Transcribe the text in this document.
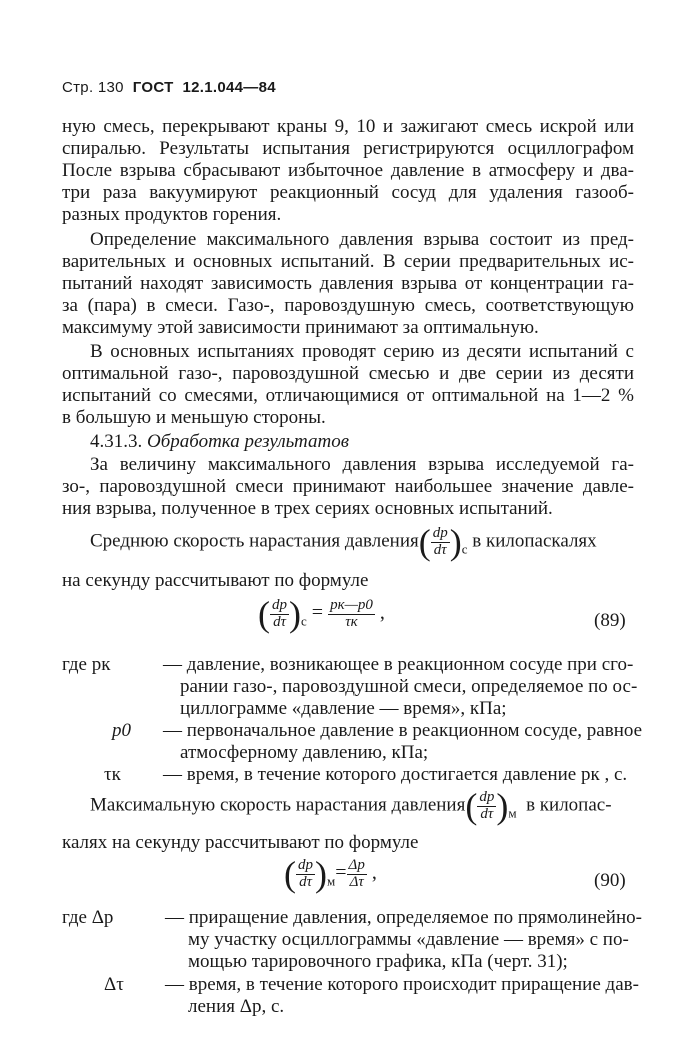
Стр. 130 ГОСТ 12.1.044—84
ную смесь, перекрывают краны 9, 10 и зажигают смесь искрой или
спиралью. Результаты испытания регистрируются осциллографом
После взрыва сбрасывают избыточное давление в атмосферу и два-
три раза вакуумируют реакционный сосуд для удаления газооб-
разных продуктов горения.
Определение максимального давления взрыва состоит из пред-
варительных и основных испытаний. В серии предварительных ис-
пытаний находят зависимость давления взрыва от концентрации га-
за (пара) в смеси. Газо-, паровоздушную смесь, соответствующую
максимуму этой зависимости принимают за оптимальную.
В основных испытаниях проводят серию из десяти испытаний с
оптимальной газо-, паровоздушной смесью и две серии из десяти
испытаний со смесями, отличающимися от оптимальной на 1—2 %
в большую и меньшую стороны.
4.31.3. Обработка результатов
За величину максимального давления взрыва исследуемой га-
зо-, паровоздушной смеси принимают наибольшее значение давле-
ния взрыва, полученное в трех сериях основных испытаний.
Среднюю скорость нарастания давления( $\frac{dp}{d\tau} )_с$ в килопаскалях
на секунду рассчитывают по формуле
( $\frac{dp}{d\tau} )_с = \frac{pк—p0}{\tau к}$ ,	(89)
где pк	— давление, возникающее в реакционном сосуде при сго-
рании газо-, паровоздушной смеси, определяемое по ос-
циллограмме «давление — время», кПа;
p0 — первоначальное давление в реакционном сосуде, равное
атмосферному давлению, кПа;
τк — время, в течение которого достигается давление pк , с.
Максимальную скорость нарастания давления( $\frac{dp}{d\tau} )_м$ в килопас-
калях на секунду рассчитывают по формуле
( $\frac{dp}{d\tau} )_м= \frac{\Delta p}{\Delta\tau}$ ,	(90)
где Δp	— приращение давления, определяемое по прямолинейно-
му участку осциллограммы «давление — время» с по-
мощью тарировочного графика, кПа (черт. 31);
Δτ — время, в течение которого происходит приращение дав-
ления Δp, с.
